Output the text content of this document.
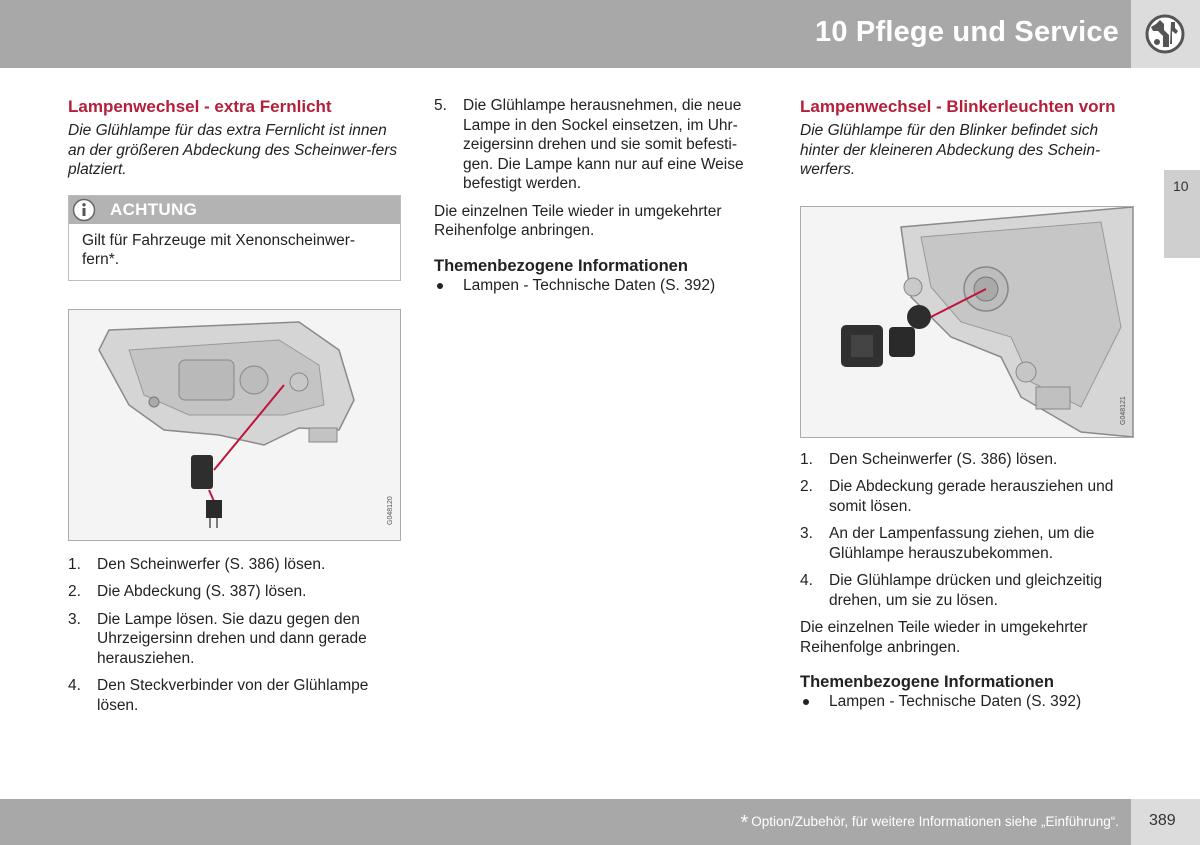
10 Pflege und Service
10
Lampenwechsel - extra Fernlicht

Die Glühlampe für das extra Fernlicht ist innen an der größeren Abdeckung des Scheinwer-fers platziert.

ACHTUNG
Gilt für Fahrzeuge mit Xenonscheinwer-fern*.
G048120
1. Den Scheinwerfer (S. 386) lösen.
2. Die Abdeckung (S. 387) lösen.
3. Die Lampe lösen. Sie dazu gegen den Uhrzeigersinn drehen und dann gerade herausziehen.
4. Den Steckverbinder von der Glühlampe lösen.
5. Die Glühlampe herausnehmen, die neue Lampe in den Sockel einsetzen, im Uhr-zeigersinn drehen und sie somit befesti-gen. Die Lampe kann nur auf eine Weise befestigt werden.

Die einzelnen Teile wieder in umgekehrter Reihenfolge anbringen.

Themenbezogene Informationen
Lampen - Technische Daten (S. 392)
Lampenwechsel - Blinkerleuchten vorn

Die Glühlampe für den Blinker befindet sich hinter der kleineren Abdeckung des Schein-werfers.

G048121
1. Den Scheinwerfer (S. 386) lösen.
2. Die Abdeckung gerade herausziehen und somit lösen.
3. An der Lampenfassung ziehen, um die Glühlampe herauszubekommen.
4. Die Glühlampe drücken und gleichzeitig drehen, um sie zu lösen.

Die einzelnen Teile wieder in umgekehrter Reihenfolge anbringen.

Themenbezogene Informationen
Lampen - Technische Daten (S. 392)
* Option/Zubehör, für weitere Informationen siehe „Einführung“. 389
